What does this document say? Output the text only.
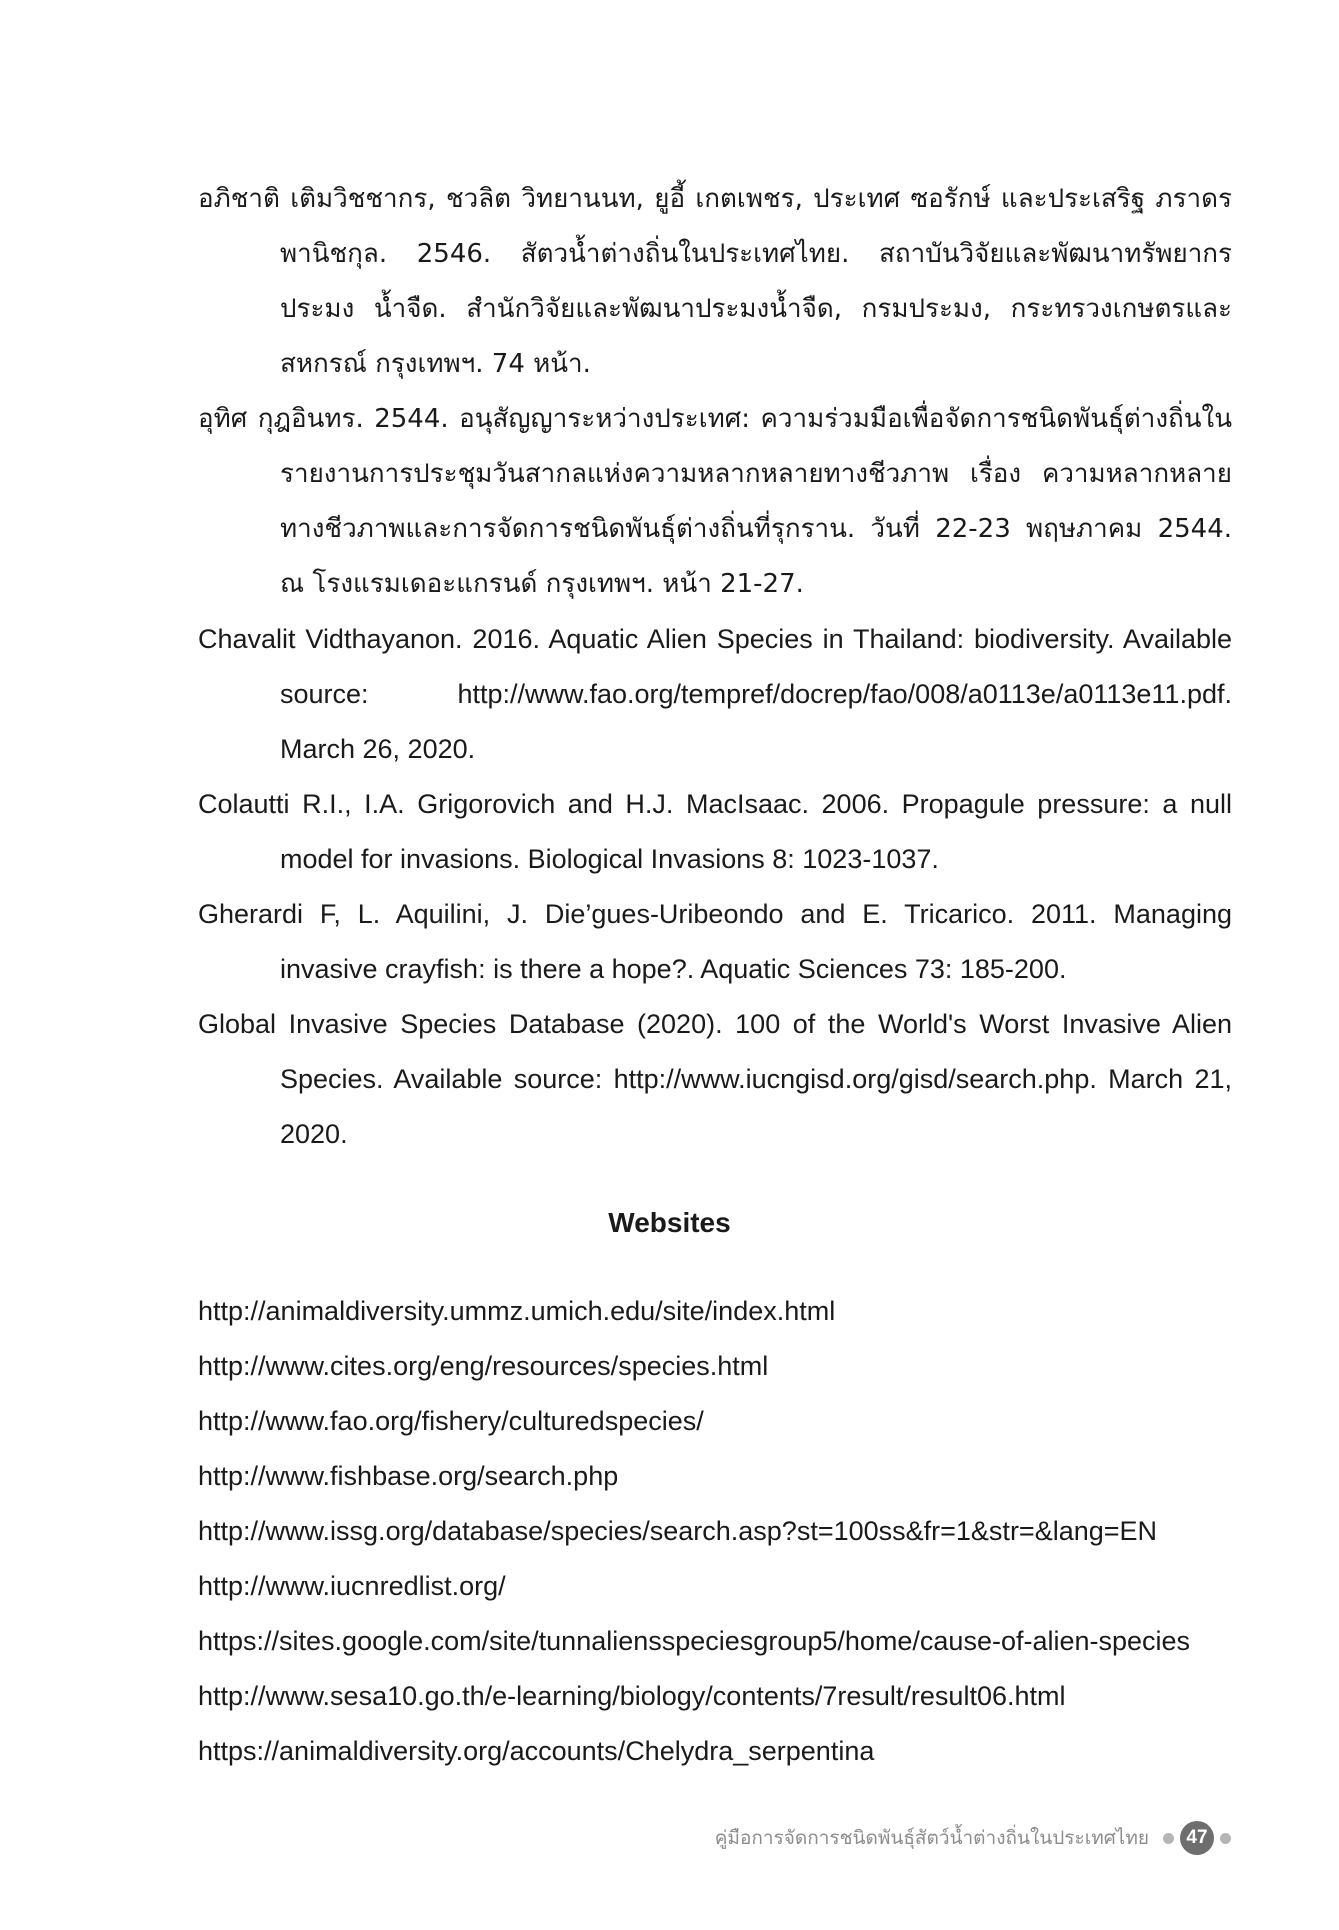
อภิชาติ เติมวิชชากร, ชวลิต วิทยานนท, ยูอี้ เกตเพชร, ประเทศ ซอรักษ์ และประเสริฐ ภราดร พานิชกุล. 2546. สัตวน้ำต่างถิ่นในประเทศไทย. สถาบันวิจัยและพัฒนาทรัพยากรประมง น้ำจืด. สำนักวิจัยและพัฒนาประมงน้ำจืด, กรมประมง, กระทรวงเกษตรและสหกรณ์ กรุงเทพฯ. 74 หน้า.

อุทิศ กุฎอินทร. 2544. อนุสัญญาระหว่างประเทศ: ความร่วมมือเพื่อจัดการชนิดพันธุ์ต่างถิ่นใน รายงานการประชุมวันสากลแห่งความหลากหลายทางชีวภาพ เรื่อง ความหลากหลาย ทางชีวภาพและการจัดการชนิดพันธุ์ต่างถิ่นที่รุกราน. วันที่ 22-23 พฤษภาคม 2544. ณ โรงแรมเดอะแกรนด์ กรุงเทพฯ. หน้า 21-27.

Chavalit Vidthayanon. 2016. Aquatic Alien Species in Thailand: biodiversity. Available source: http://www.fao.org/tempref/docrep/fao/008/a0113e/a0113e11.pdf. March 26, 2020.

Colautti R.I., I.A. Grigorovich and H.J. MacIsaac. 2006. Propagule pressure: a null model for invasions. Biological Invasions 8: 1023-1037.

Gherardi F, L. Aquilini, J. Die’gues-Uribeondo and E. Tricarico. 2011. Managing invasive crayfish: is there a hope?. Aquatic Sciences 73: 185-200.

Global Invasive Species Database (2020). 100 of the World's Worst Invasive Alien Species. Available source: http://www.iucngisd.org/gisd/search.php. March 21, 2020.

Websites
http://animaldiversity.ummz.umich.edu/site/index.html
http://www.cites.org/eng/resources/species.html
http://www.fao.org/fishery/culturedspecies/
http://www.fishbase.org/search.php
http://www.issg.org/database/species/search.asp?st=100ss&fr=1&str=&lang=EN
http://www.iucnredlist.org/
https://sites.google.com/site/tunnaliensspeciesgroup5/home/cause-of-alien-species
http://www.sesa10.go.th/e-learning/biology/contents/7result/result06.html
https://animaldiversity.org/accounts/Chelydra_serpentina
คู่มือการจัดการชนิดพันธุ์สัตว์น้ำต่างถิ่นในประเทศไทย	47
